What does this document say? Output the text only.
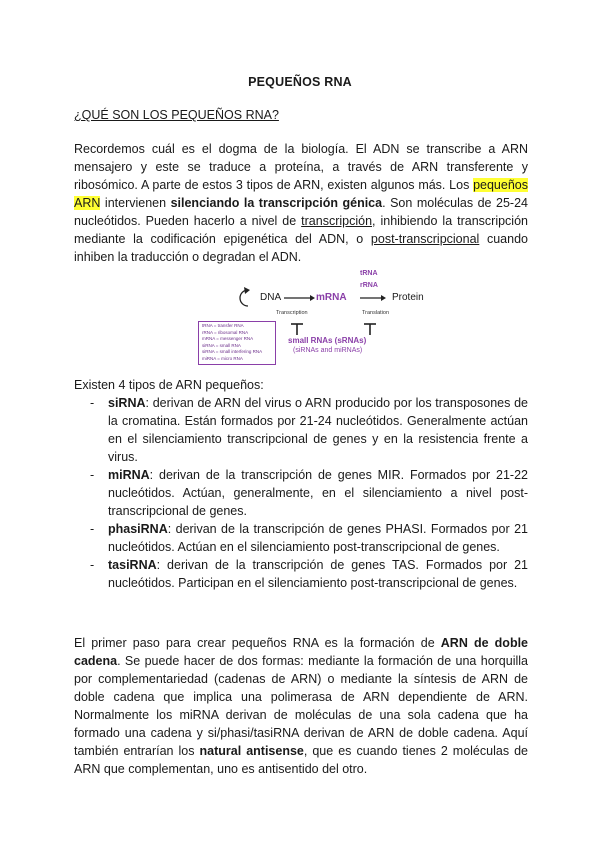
PEQUEÑOS RNA
¿QUÉ SON LOS PEQUEÑOS RNA?

Recordemos cuál es el dogma de la biología. El ADN se transcribe a ARN mensajero y este se traduce a proteína, a través de ARN transferente y ribosómico. A parte de estos 3 tipos de ARN, existen algunos más. Los pequeños ARN intervienen silenciando la transcripción génica. Son moléculas de 25-24 nucleótidos. Pueden hacerlo a nivel de transcripción, inhibiendo la transcripción mediante la codificación epigenética del ADN, o post-transcripcional cuando inhiben la traducción o degradan el ADN.

tRNA
rRNA
DNA	mRNA	Protein
Transcription	Translation
small RNAs (sRNAs)
(siRNAs and miRNAs)
tRNA = transfer RNA
rRNA = ribosomal RNA
mRNA = messenger RNA
siRNA = small RNA
siRNA = small interfering RNA
miRNA = micro RNA

Existen 4 tipos de ARN pequeños:

- siRNA: derivan de ARN del virus o ARN producido por los transposones de la cromatina. Están formados por 21-24 nucleótidos. Generalmente actúan en el silenciamiento transcripcional de genes y en la resistencia frente a virus.
- miRNA: derivan de la transcripción de genes MIR. Formados por 21-22 nucleótidos. Actúan, generalmente, en el silenciamiento a nivel post-transcripcional de genes.
- phasiRNA: derivan de la transcripción de genes PHASI. Formados por 21 nucleótidos. Actúan en el silenciamiento post-transcripcional de genes.
- tasiRNA: derivan de la transcripción de genes TAS. Formados por 21 nucleótidos. Participan en el silenciamiento post-transcripcional de genes.

El primer paso para crear pequeños RNA es la formación de ARN de doble cadena. Se puede hacer de dos formas: mediante la formación de una horquilla por complementariedad (cadenas de ARN) o mediante la síntesis de ARN de doble cadena que implica una polimerasa de ARN dependiente de ARN. Normalmente los miRNA derivan de moléculas de una sola cadena que ha formado una cadena y si/phasi/tasiRNA derivan de ARN de doble cadena. Aquí también entrarían los natural antisense, que es cuando tienes 2 moléculas de ARN que complementan, uno es antisentido del otro.
